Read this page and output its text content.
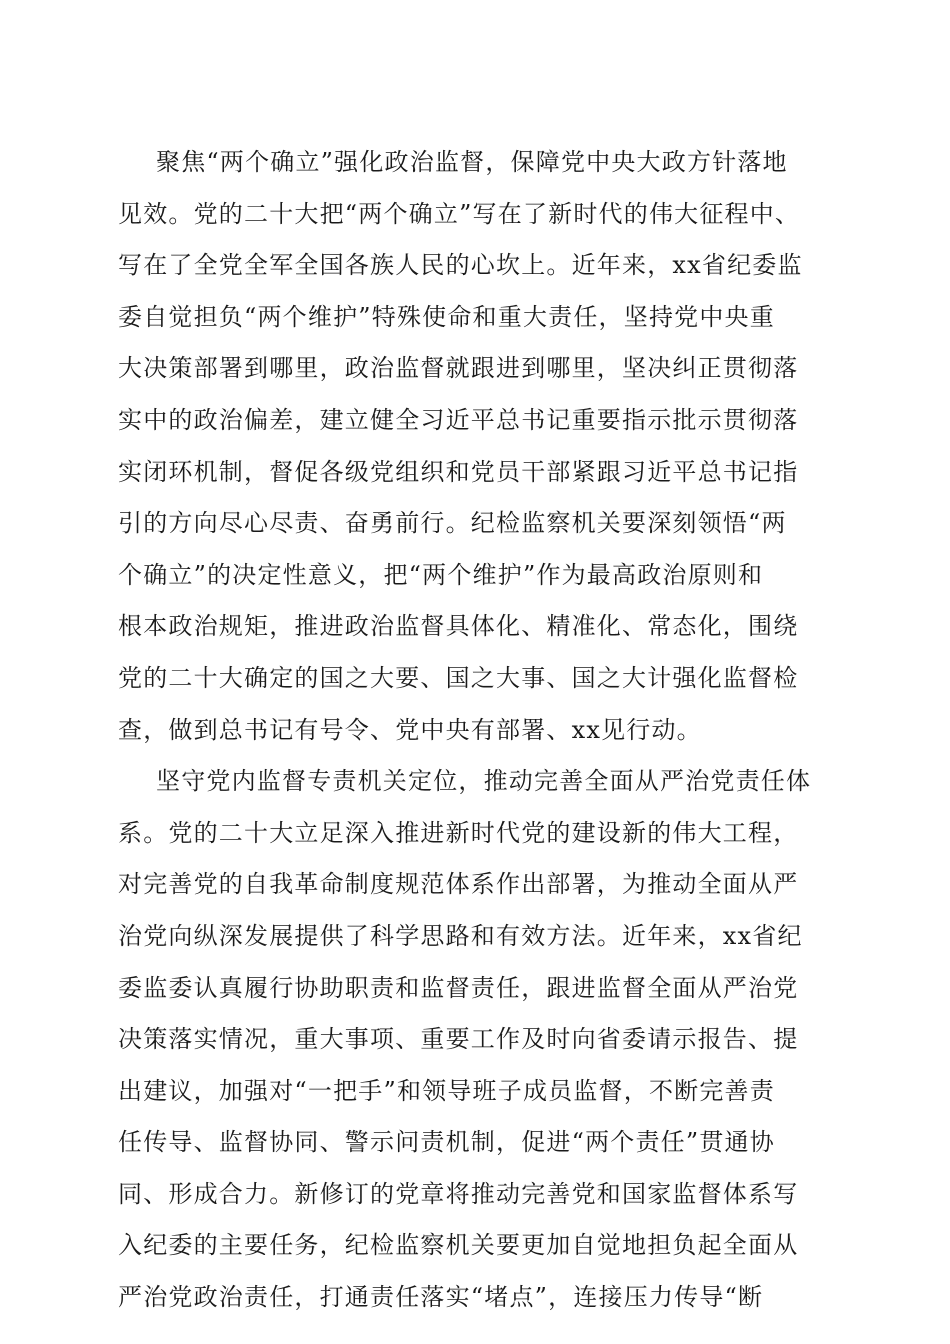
聚焦“两个确立”强化政治监督，保障党中央大政方针落地
见效。党的二十大把“两个确立”写在了新时代的伟大征程中、
写在了全党全军全国各族人民的心坎上。近年来，xx省纪委监
委自觉担负“两个维护”特殊使命和重大责任，坚持党中央重
大决策部署到哪里，政治监督就跟进到哪里，坚决纠正贯彻落
实中的政治偏差，建立健全习近平总书记重要指示批示贯彻落
实闭环机制，督促各级党组织和党员干部紧跟习近平总书记指
引的方向尽心尽责、奋勇前行。纪检监察机关要深刻领悟“两
个确立”的决定性意义，把“两个维护”作为最高政治原则和
根本政治规矩，推进政治监督具体化、精准化、常态化，围绕
党的二十大确定的国之大要、国之大事、国之大计强化监督检
查，做到总书记有号令、党中央有部署、xx见行动。
坚守党内监督专责机关定位，推动完善全面从严治党责任体
系。党的二十大立足深入推进新时代党的建设新的伟大工程，
对完善党的自我革命制度规范体系作出部署，为推动全面从严
治党向纵深发展提供了科学思路和有效方法。近年来，xx省纪
委监委认真履行协助职责和监督责任，跟进监督全面从严治党
决策落实情况，重大事项、重要工作及时向省委请示报告、提
出建议，加强对“一把手”和领导班子成员监督，不断完善责
任传导、监督协同、警示问责机制，促进“两个责任”贯通协
同、形成合力。新修订的党章将推动完善党和国家监督体系写
入纪委的主要任务，纪检监察机关要更加自觉地担负起全面从
严治党政治责任，打通责任落实“堵点”，连接压力传导“断
